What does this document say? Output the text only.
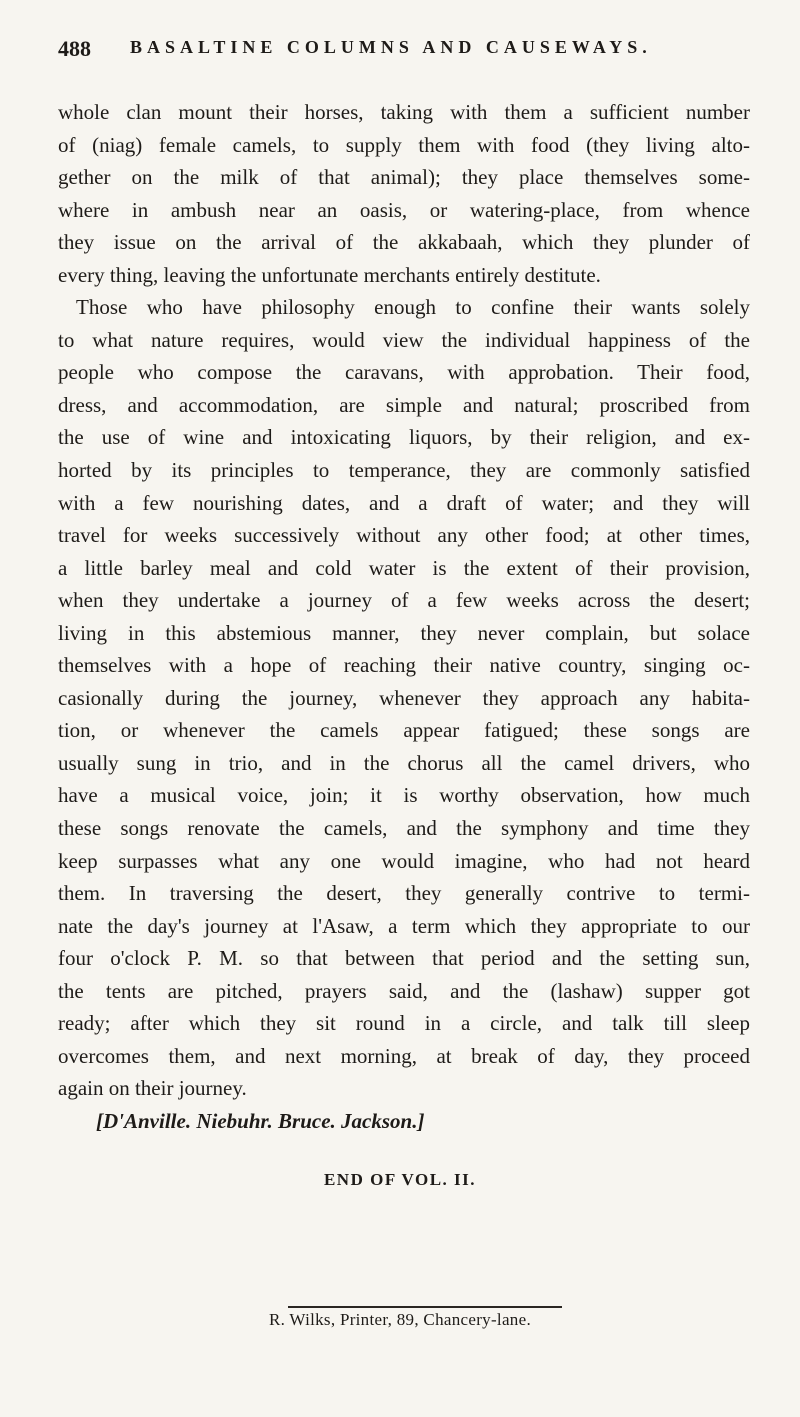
488 BASALTINE COLUMNS AND CAUSEWAYS.
whole clan mount their horses, taking with them a sufficient number
of (niag) female camels, to supply them with food (they living alto-
gether on the milk of that animal); they place themselves some-
where in ambush near an oasis, or watering-place, from whence
they issue on the arrival of the akkabaah, which they plunder of
every thing, leaving the unfortunate merchants entirely destitute.
Those who have philosophy enough to confine their wants solely
to what nature requires, would view the individual happiness of the
people who compose the caravans, with approbation. Their food,
dress, and accommodation, are simple and natural; proscribed from
the use of wine and intoxicating liquors, by their religion, and ex-
horted by its principles to temperance, they are commonly satisfied
with a few nourishing dates, and a draft of water; and they will
travel for weeks successively without any other food; at other times,
a little barley meal and cold water is the extent of their provision,
when they undertake a journey of a few weeks across the desert;
living in this abstemious manner, they never complain, but solace
themselves with a hope of reaching their native country, singing oc-
casionally during the journey, whenever they approach any habita-
tion, or whenever the camels appear fatigued; these songs are
usually sung in trio, and in the chorus all the camel drivers, who
have a musical voice, join; it is worthy observation, how much
these songs renovate the camels, and the symphony and time they
keep surpasses what any one would imagine, who had not heard
them. In traversing the desert, they generally contrive to termi-
nate the day's journey at l'Asaw, a term which they appropriate to our
four o'clock P. M. so that between that period and the setting sun,
the tents are pitched, prayers said, and the (lashaw) supper got
ready; after which they sit round in a circle, and talk till sleep
overcomes them, and next morning, at break of day, they proceed
again on their journey.
[D'Anville. Niebuhr. Bruce. Jackson.]
END OF VOL. II.
R. Wilks, Printer, 89, Chancery-lane.
